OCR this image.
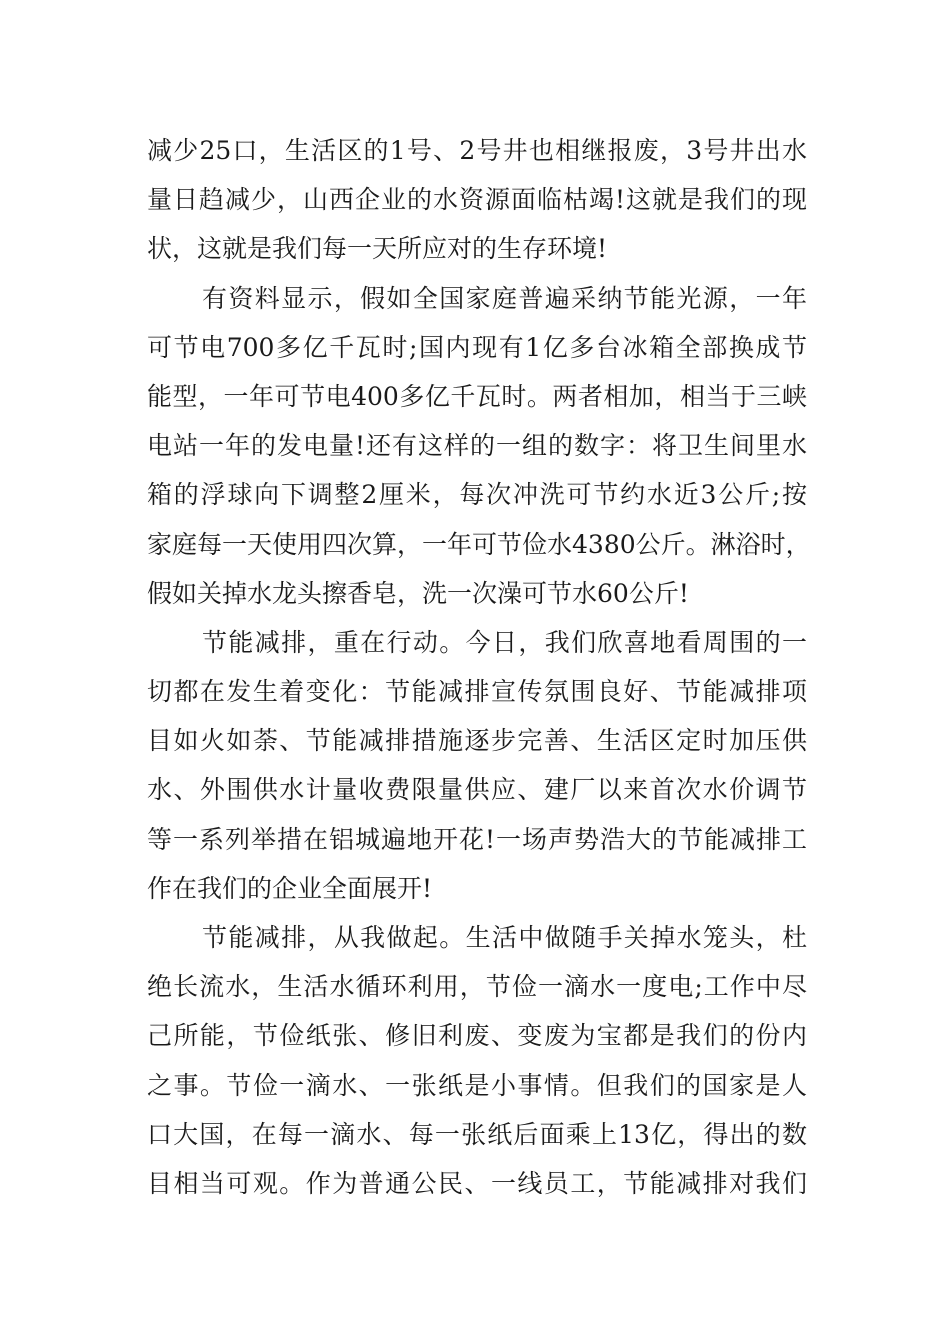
减少25口，生活区的1号、2号井也相继报废，3号井出水
量日趋减少，山西企业的水资源面临枯竭!这就是我们的现
状，这就是我们每一天所应对的生存环境!
有资料显示，假如全国家庭普遍采纳节能光源，一年
可节电700多亿千瓦时;国内现有1亿多台冰箱全部换成节
能型，一年可节电400多亿千瓦时。两者相加，相当于三峡
电站一年的发电量!还有这样的一组的数字：将卫生间里水
箱的浮球向下调整2厘米，每次冲洗可节约水近3公斤;按
家庭每一天使用四次算，一年可节俭水4380公斤。淋浴时，
假如关掉水龙头擦香皂，洗一次澡可节水60公斤!
节能减排，重在行动。今日，我们欣喜地看周围的一
切都在发生着变化：节能减排宣传氛围良好、节能减排项
目如火如荼、节能减排措施逐步完善、生活区定时加压供
水、外围供水计量收费限量供应、建厂以来首次水价调节
等一系列举措在铝城遍地开花!一场声势浩大的节能减排工
作在我们的企业全面展开!
节能减排，从我做起。生活中做随手关掉水笼头，杜
绝长流水，生活水循环利用，节俭一滴水一度电;工作中尽
己所能，节俭纸张、修旧利废、变废为宝都是我们的份内
之事。节俭一滴水、一张纸是小事情。但我们的国家是人
口大国，在每一滴水、每一张纸后面乘上13亿，得出的数
目相当可观。作为普通公民、一线员工，节能减排对我们
